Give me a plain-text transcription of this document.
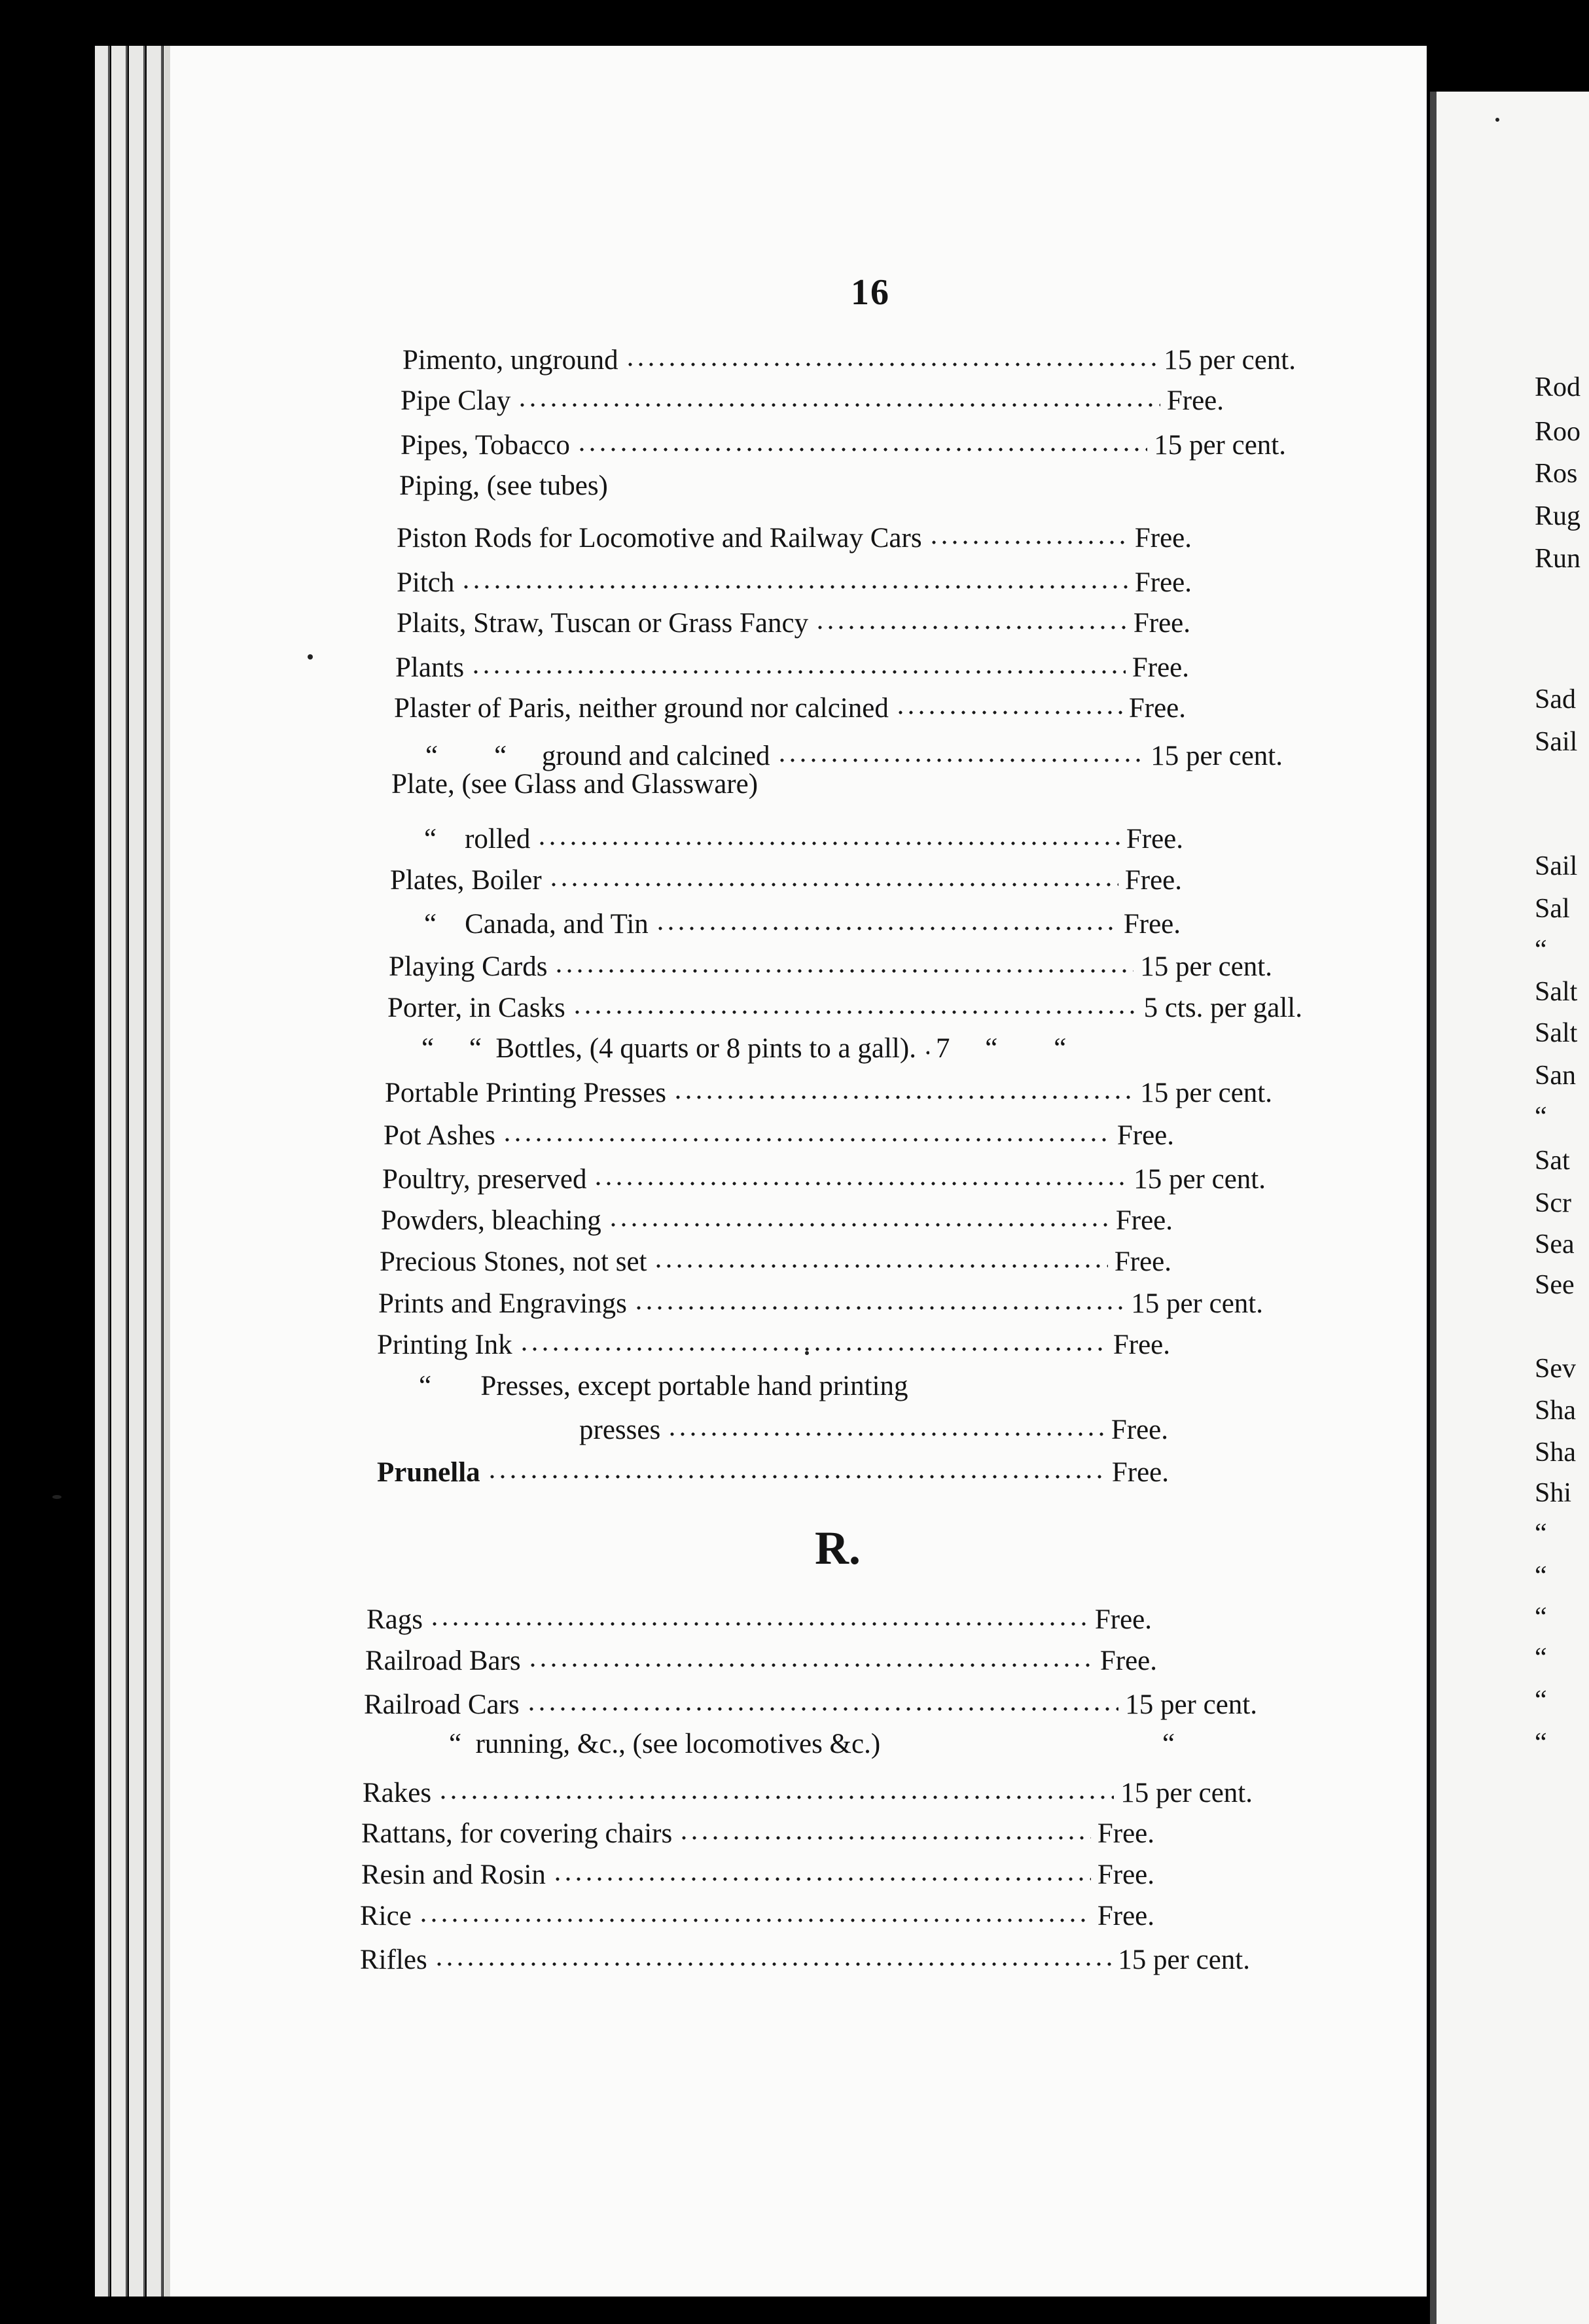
16
Pimento, unground	15 per cent.
Pipe Clay	Free.
Pipes, Tobacco	15 per cent.
Piping, (see tubes)
Piston Rods for Locomotive and Railway Cars	Free.
Pitch	Free.
Plaits, Straw, Tuscan or Grass Fancy	Free.
Plants	Free.
Plaster of Paris, neither ground nor calcined	Free.
“        “     ground and calcined	15 per cent.
Plate, (see Glass and Glassware)
“    rolled	Free.
Plates, Boiler	Free.
“    Canada, and Tin	Free.
Playing Cards	15 per cent.
Porter, in Casks	5 cts. per gall.
“     “  Bottles, (4 quarts or 8 pints to a gall). 7     “        “
Portable Printing Presses	15 per cent.
Pot Ashes	Free.
Poultry, preserved	15 per cent.
Powders, bleaching	Free.
Precious Stones, not set	Free.
Prints and Engravings	15 per cent.
Printing Ink	Free.
“       Presses, except portable hand printing
presses	Free.
Prunella	Free.
R.
Rags	Free.
Railroad Bars	Free.
Railroad Cars	15 per cent.
“  running, &c., (see locomotives &c.)	“
Rakes	15 per cent.
Rattans, for covering chairs	Free.
Resin and Rosin	Free.
Rice	Free.
Rifles	15 per cent.
Rod
Roo
Ros
Rug
Run
Sad
Sail
Sail
Sal
“
Salt
Salt
San
“
Sat
Scr
Sea
See
Sev
Sha
Sha
Shi
“
“
“
“
“
“
